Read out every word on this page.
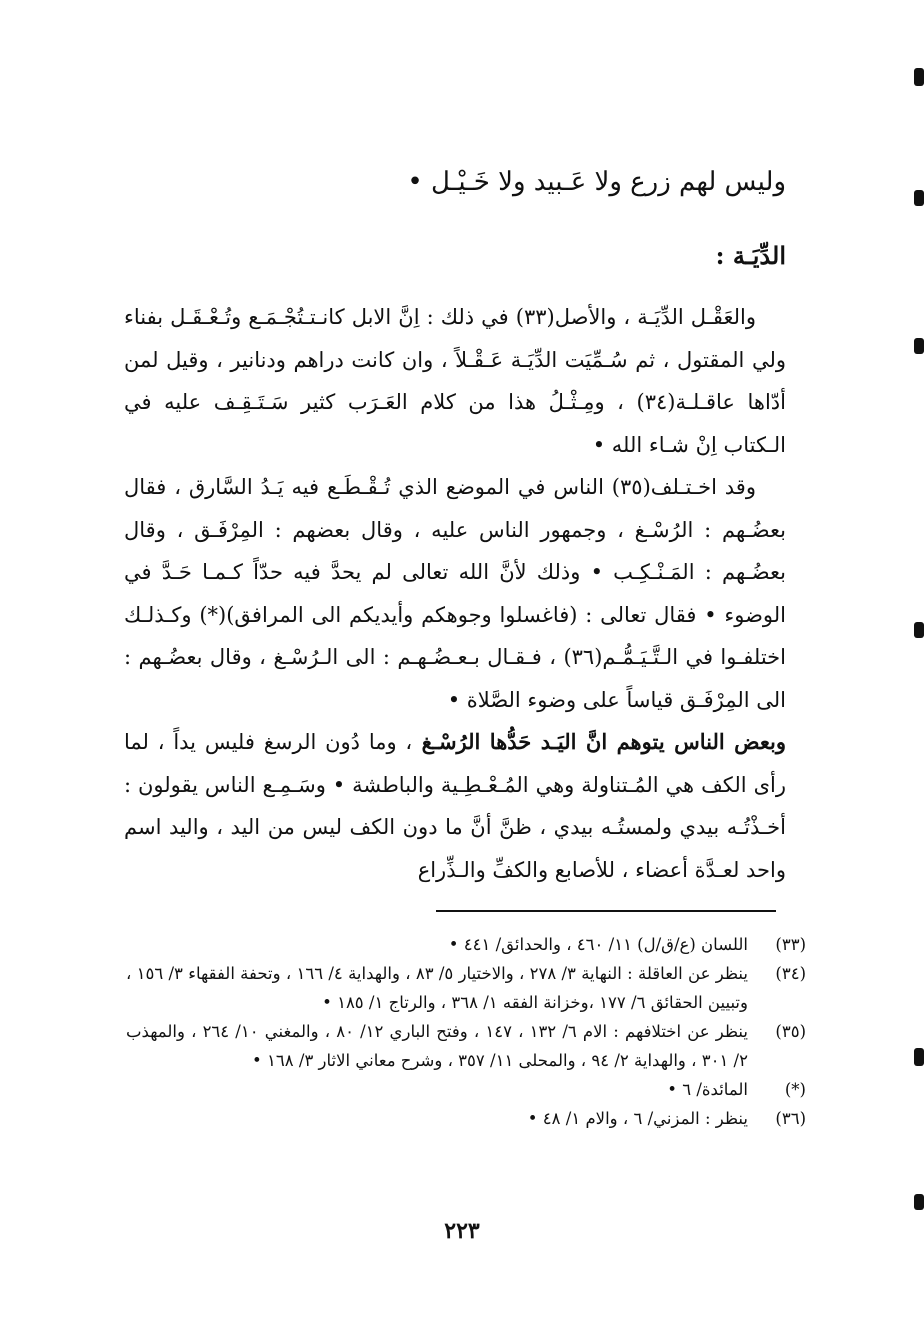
وليس لهم زرع ولا عَـبيد ولا خَـيْـل •
الدِّيَـة :

والعَقْـل الدِّيَـة ، والأصل(٣٣) في ذلك : اِنَّ الابل كانـتـتُجْـمَـع وتُـعْـقَـل بفناء ولي المقتول ، ثم سُـمِّيَت الدِّيَـة عَـقْـلاً ، وان كانت دراهم ودنانير ، وقيل لمن أدّاها عاقـلـة(٣٤) ، ومِـثْـلُ هذا من كلام العَـرَب كثير سَـتَـقِـف عليه في الـكتاب اِنْ شـاء الله •

وقد اخـتـلف(٣٥) الناس في الموضع الذي تُـقْـطَـع فيه يَـدُ السَّارق ، فقال بعضُـهم : الرُسْـغ ، وجمهور الناس عليه ، وقال بعضهم : المِرْفَـق ، وقال بعضُـهم : المَـنْـكِـب • وذلك لأنَّ الله تعالى لم يحدَّ فيه حدّاً كـمـا حَـدَّ في الوضوء • فقال تعالى : (فاغسلوا وجوهكم وأيديكم الى المرافق)(*) وكـذلـك اختلفـوا في الـتَّـيَـمُّـم(٣٦) ، فـقـال بـعـضُـهـم : الى الـرُسْـغ ، وقال بعضُـهم : الى المِرْفَـق قياساً على وضوء الصَّلاة •

وبعض الناس يتوهم انَّ اليَـد حَدُّها الرُسْـغ ، وما دُون الرسغ فليس يداً ، لما رأى الكف هي المُـتناولة وهي المُـعْـطِـية والباطشة • وسَـمِـع الناس يقولون : أخـذْتُـه بيدي ولمستُـه بيدي ، ظنَّ أنَّ ما دون الكف ليس من اليد ، واليد اسم واحد لعـدَّة أعضاء ، للأصابع والكفِّ والـذِّراع

(٣٣)
اللسان (ع/ق/ل) ١١/ ٤٦٠ ، والحدائق/ ٤٤١ •
(٣٤)
ينظر عن العاقلة : النهاية ٣/ ٢٧٨ ، والاختيار ٥/ ٨٣ ، والهداية ٤/ ١٦٦ ، وتحفة الفقهاء ٣/ ١٥٦ ، وتبيين الحقائق ٦/ ١٧٧ ،وخزانة الفقه ١/ ٣٦٨ ، والرتاج ١/ ١٨٥ •
(٣٥)
ينظر عن اختلافهم : الام ٦/ ١٣٢ ، ١٤٧ ، وفتح الباري ١٢/ ٨٠ ، والمغني ١٠/ ٢٦٤ ، والمهذب ٢/ ٣٠١ ، والهداية ٢/ ٩٤ ، والمحلى ١١/ ٣٥٧ ، وشرح معاني الاثار ٣/ ١٦٨ •
(*)
المائدة/ ٦ •
(٣٦)
ينظر : المزني/ ٦ ، والام ١/ ٤٨ •
٢٢٣
